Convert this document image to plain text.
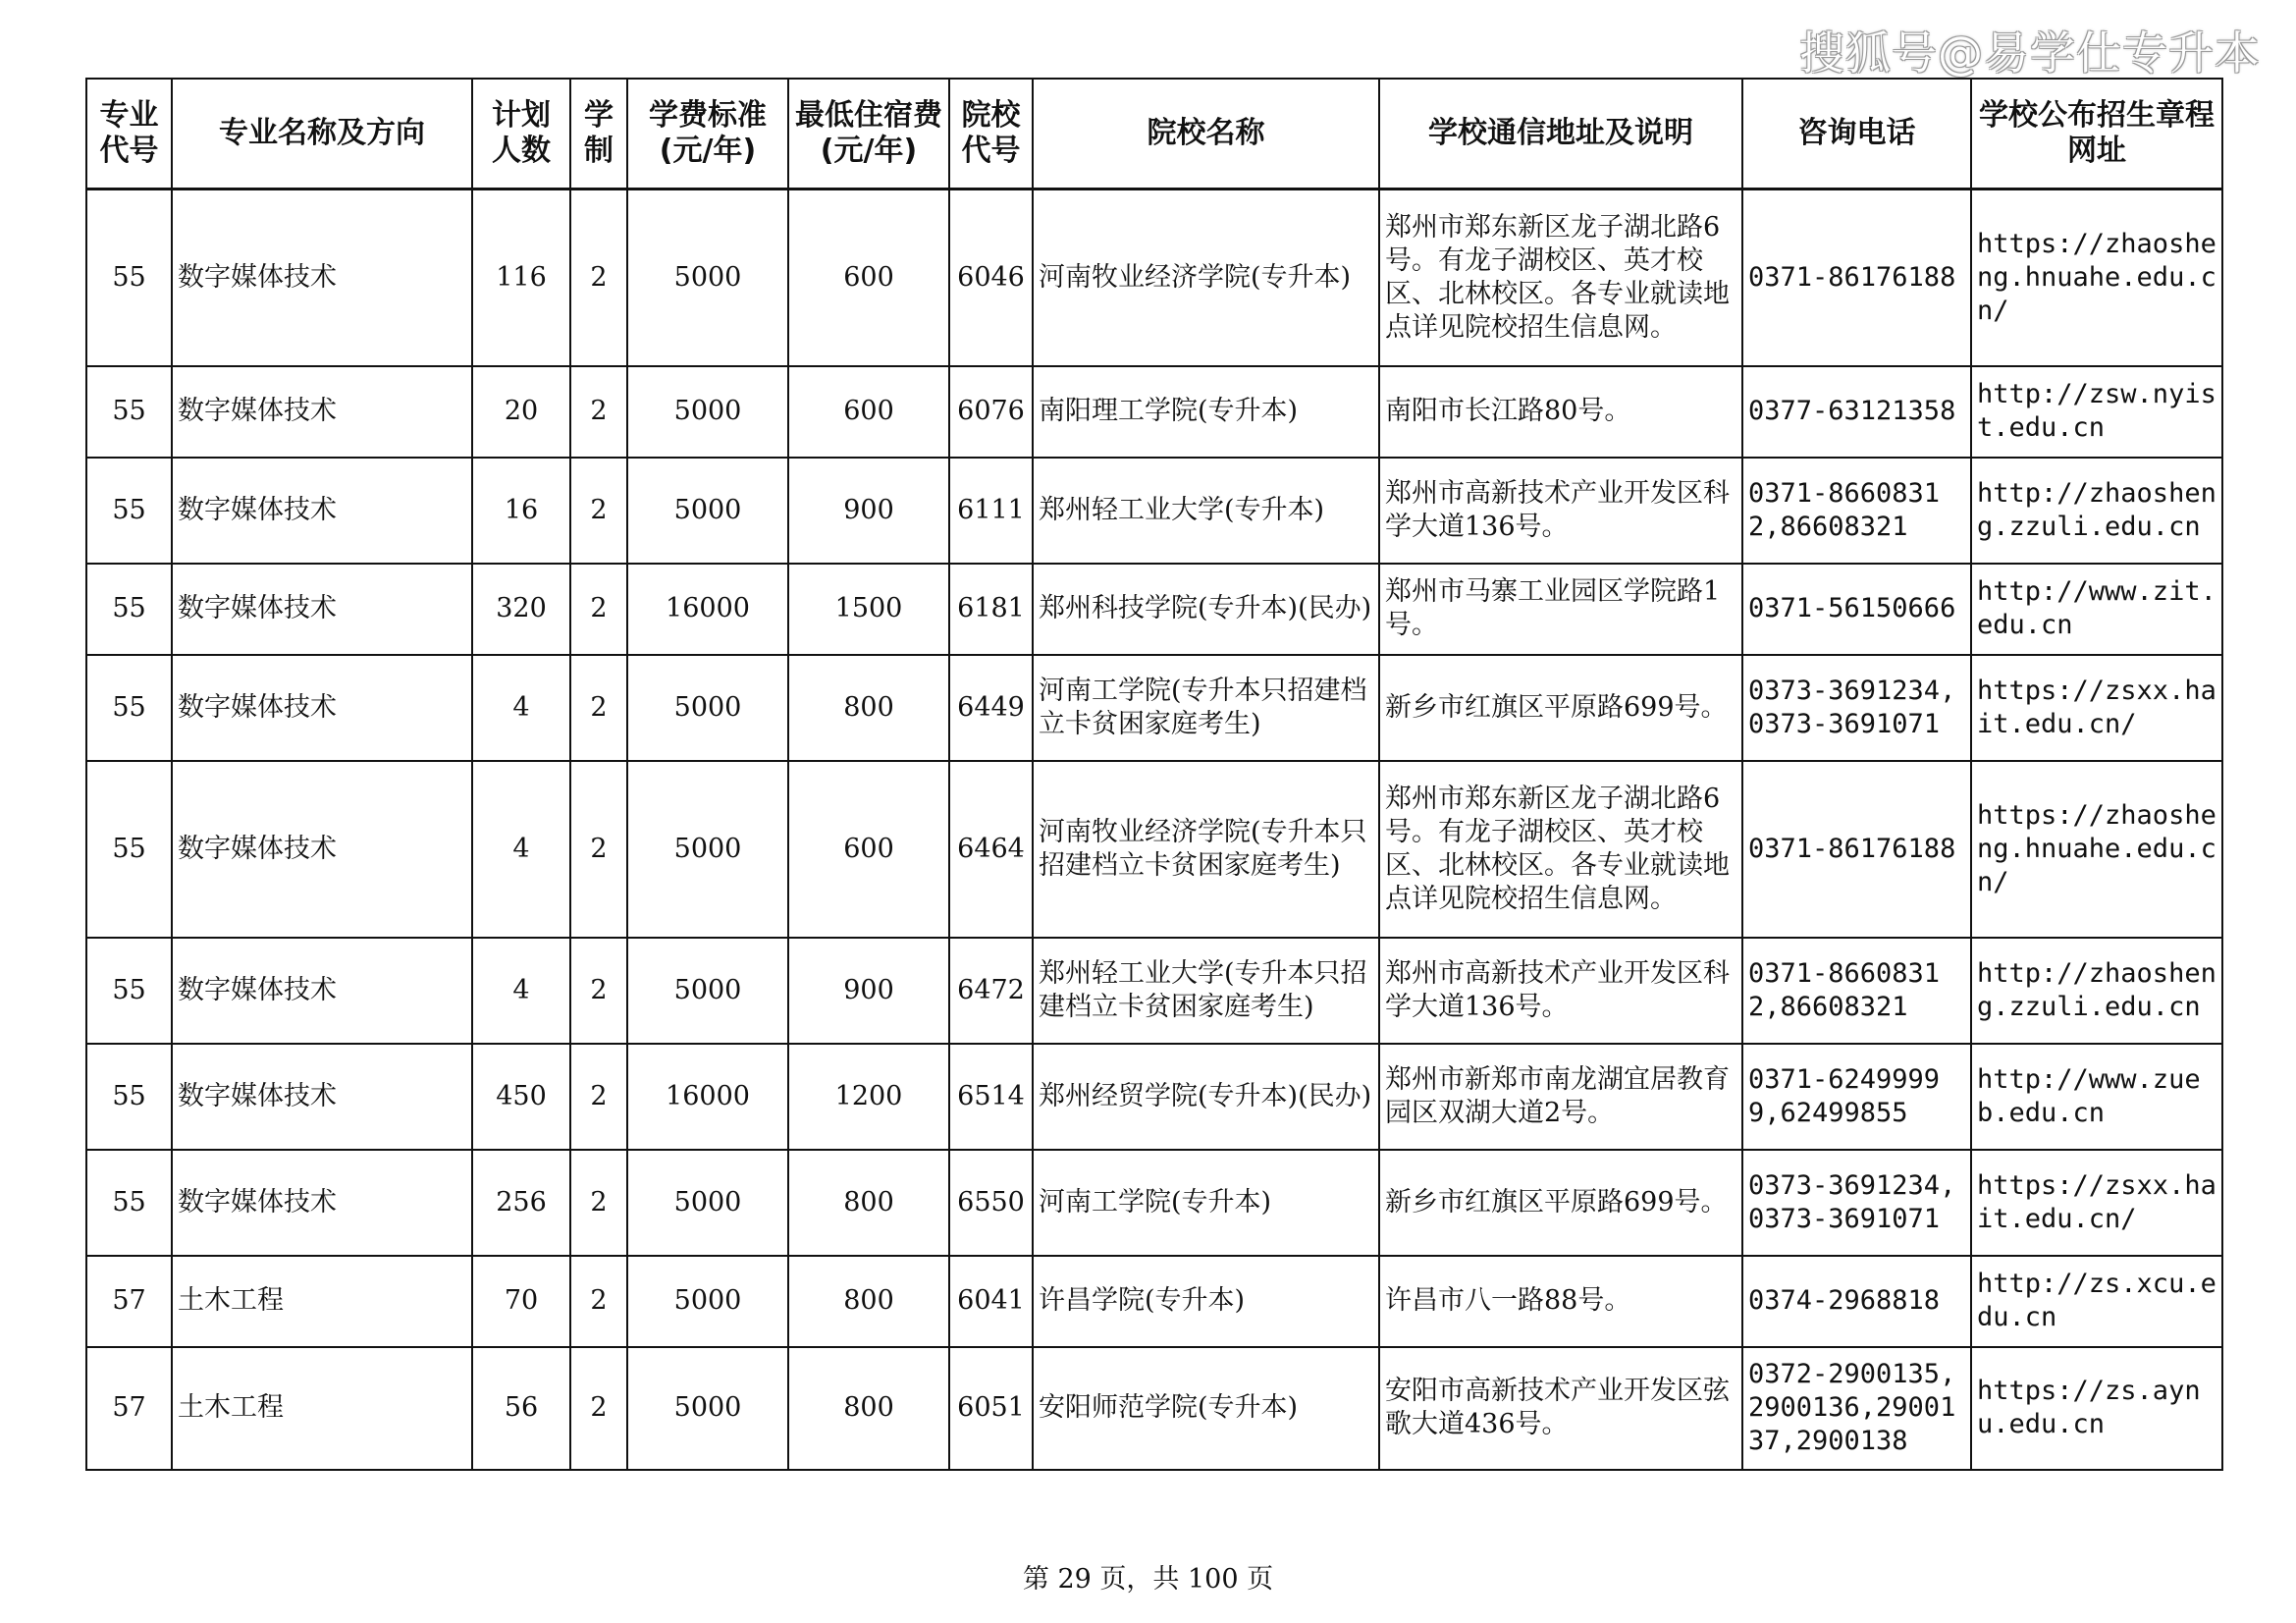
搜狐号@易学仕专升本
专业代号	专业名称及方向	计划人数	学制	学费标准(元/年)	最低住宿费(元/年)	院校代号	院校名称	学校通信地址及说明	咨询电话	学校公布招生章程网址
55	数字媒体技术	116	2	5000	600	6046	河南牧业经济学院(专升本)	郑州市郑东新区龙子湖北路6号。有龙子湖校区、英才校区、北林校区。各专业就读地点详见院校招生信息网。	0371-86176188	https://zhaosheng.hnuahe.edu.cn/
55	数字媒体技术	20	2	5000	600	6076	南阳理工学院(专升本)	南阳市长江路80号。	0377-63121358	http://zsw.nyist.edu.cn
55	数字媒体技术	16	2	5000	900	6111	郑州轻工业大学(专升本)	郑州市高新技术产业开发区科学大道136号。	0371-86608312,86608321	http://zhaosheng.zzuli.edu.cn
55	数字媒体技术	320	2	16000	1500	6181	郑州科技学院(专升本)(民办)	郑州市马寨工业园区学院路1号。	0371-56150666	http://www.zit.edu.cn
55	数字媒体技术	4	2	5000	800	6449	河南工学院(专升本只招建档立卡贫困家庭考生)	新乡市红旗区平原路699号。	0373-3691234,0373-3691071	https://zsxx.hait.edu.cn/
55	数字媒体技术	4	2	5000	600	6464	河南牧业经济学院(专升本只招建档立卡贫困家庭考生)	郑州市郑东新区龙子湖北路6号。有龙子湖校区、英才校区、北林校区。各专业就读地点详见院校招生信息网。	0371-86176188	https://zhaosheng.hnuahe.edu.cn/
55	数字媒体技术	4	2	5000	900	6472	郑州轻工业大学(专升本只招建档立卡贫困家庭考生)	郑州市高新技术产业开发区科学大道136号。	0371-86608312,86608321	http://zhaosheng.zzuli.edu.cn
55	数字媒体技术	450	2	16000	1200	6514	郑州经贸学院(专升本)(民办)	郑州市新郑市南龙湖宜居教育园区双湖大道2号。	0371-62499999,62499855	http://www.zueb.edu.cn
55	数字媒体技术	256	2	5000	800	6550	河南工学院(专升本)	新乡市红旗区平原路699号。	0373-3691234,0373-3691071	https://zsxx.hait.edu.cn/
57	土木工程	70	2	5000	800	6041	许昌学院(专升本)	许昌市八一路88号。	0374-2968818	http://zs.xcu.edu.cn
57	土木工程	56	2	5000	800	6051	安阳师范学院(专升本)	安阳市高新技术产业开发区弦歌大道436号。	0372-2900135,2900136,2900137,2900138	https://zs.aynu.edu.cn
第 29 页，共 100 页
